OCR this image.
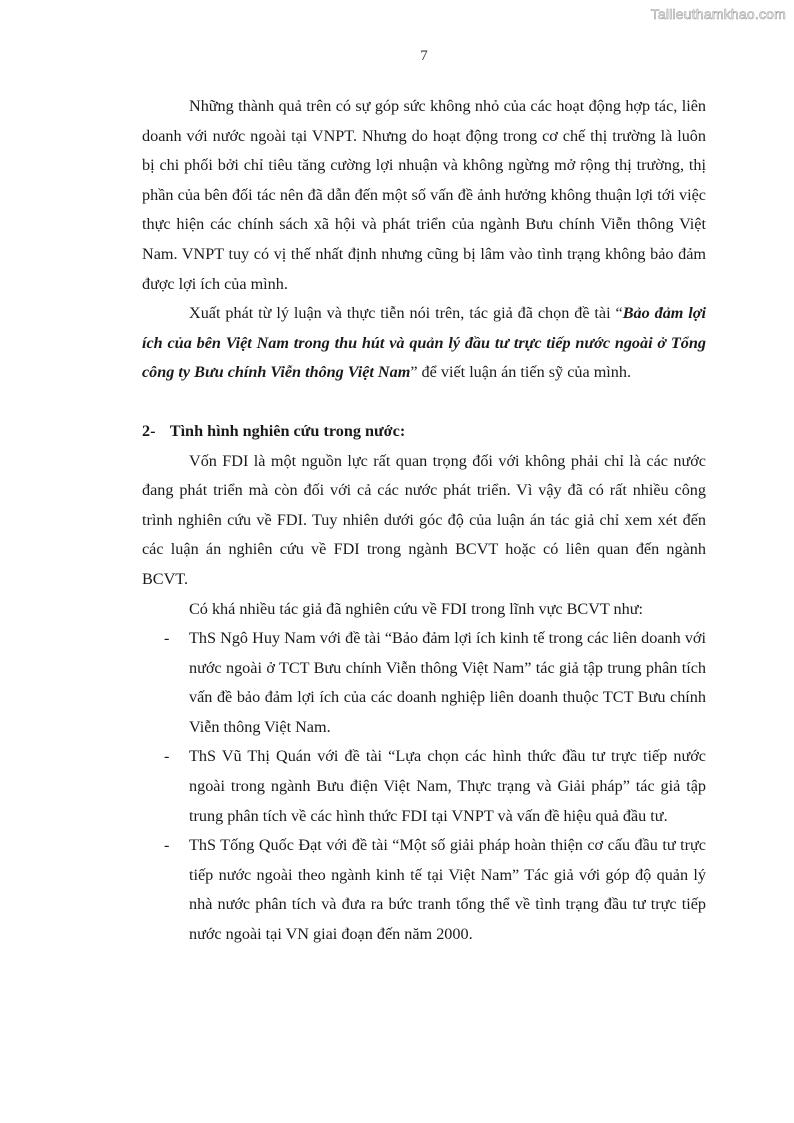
Tailieuthamkhao.com
7

Những thành quả trên có sự góp sức không nhỏ của các hoạt động hợp tác, liên doanh với nước ngoài tại VNPT. Nhưng do hoạt động trong cơ chế thị trường là luôn bị chi phối bởi chỉ tiêu tăng cường lợi nhuận và không ngừng mở rộng thị trường, thị phần của bên đối tác nên đã dẫn đến một số vấn đề ảnh hưởng không thuận lợi tới việc thực hiện các chính sách xã hội và phát triển của ngành Bưu chính Viễn thông Việt Nam. VNPT tuy có vị thế nhất định nhưng cũng bị lâm vào tình trạng không bảo đảm được lợi ích của mình.

Xuất phát từ lý luận và thực tiễn nói trên, tác giả đã chọn đề tài “Bảo đảm lợi ích của bên Việt Nam trong thu hút và quản lý đầu tư trực tiếp nước ngoài ở Tổng công ty Bưu chính Viễn thông Việt Nam” để viết luận án tiến sỹ của mình.

2- Tình hình nghiên cứu trong nước:

Vốn FDI là một nguồn lực rất quan trọng đối với không phải chỉ là các nước đang phát triển mà còn đối với cả các nước phát triển. Vì vậy đã có rất nhiều công trình nghiên cứu về FDI. Tuy nhiên dưới góc độ của luận án tác giả chỉ xem xét đến các luận án nghiên cứu về FDI trong ngành BCVT hoặc có liên quan đến ngành BCVT.

Có khá nhiều tác giả đã nghiên cứu về FDI trong lĩnh vực BCVT như:

- ThS Ngô Huy Nam với đề tài “Bảo đảm lợi ích kinh tế trong các liên doanh với nước ngoài ở TCT Bưu chính Viễn thông Việt Nam” tác giả tập trung phân tích vấn đề bảo đảm lợi ích của các doanh nghiệp liên doanh thuộc TCT Bưu chính Viễn thông Việt Nam.
- ThS Vũ Thị Quán với đề tài “Lựa chọn các hình thức đầu tư trực tiếp nước ngoài trong ngành Bưu điện Việt Nam, Thực trạng và Giải pháp” tác giả tập trung phân tích về các hình thức FDI tại VNPT và vấn đề hiệu quả đầu tư.
- ThS Tống Quốc Đạt với đề tài “Một số giải pháp hoàn thiện cơ cấu đầu tư trực tiếp nước ngoài theo ngành kinh tế tại Việt Nam” Tác giả với góp độ quản lý nhà nước phân tích và đưa ra bức tranh tổng thể về tình trạng đầu tư trực tiếp nước ngoài tại VN giai đoạn đến năm 2000.
